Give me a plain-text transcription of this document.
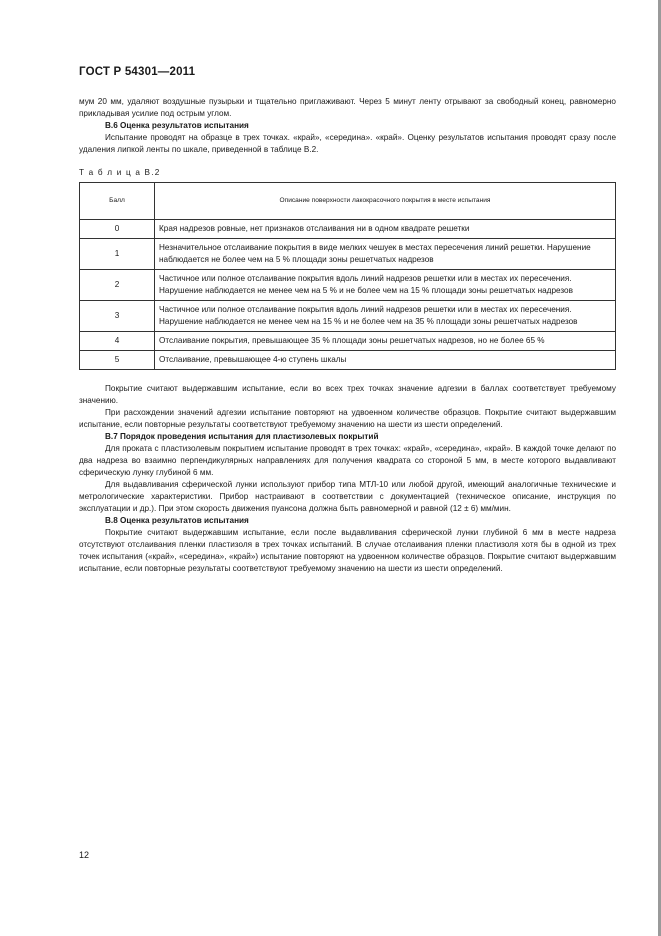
ГОСТ Р 54301—2011

мум 20 мм, удаляют воздушные пузырьки и тщательно приглаживают. Через 5 минут ленту отрывают за свободный конец, равномерно прикладывая усилие под острым углом.

В.6 Оценка результатов испытания

Испытание проводят на образце в трех точках. «край», «середина». «край». Оценку результатов испытания проводят сразу после удаления липкой ленты по шкале, приведенной в таблице В.2.

Т а б л и ц а В.2
Балл	Описание поверхности лакокрасочного покрытия в месте испытания
0	Края надрезов ровные, нет признаков отслаивания ни в одном квадрате решетки
1	Незначительное отслаивание покрытия в виде мелких чешуек в местах пересечения линий решетки. Нарушение наблюдается не более чем на 5 % площади зоны решетчатых надрезов
2	Частичное или полное отслаивание покрытия вдоль линий надрезов решетки или в местах их пересечения. Нарушение наблюдается не менее чем на 5 % и не более чем на 15 % площади зоны решетчатых надрезов
3	Частичное или полное отслаивание покрытия вдоль линий надрезов решетки или в местах их пересечения. Нарушение наблюдается не менее чем на 15 % и не более чем на 35 % площади зоны решетчатых надрезов
4	Отслаивание покрытия, превышающее 35 % площади зоны решетчатых надрезов, но не более 65 %
5	Отслаивание, превышающее 4-ю ступень шкалы

Покрытие считают выдержавшим испытание, если во всех трех точках значение адгезии в баллах соответствует требуемому значению.

При расхождении значений адгезии испытание повторяют на удвоенном количестве образцов. Покрытие считают выдержавшим испытание, если повторные результаты соответствуют требуемому значению на шести из шести определений.

В.7 Порядок проведения испытания для пластизолевых покрытий

Для проката с пластизолевым покрытием испытание проводят в трех точках: «край», «середина», «край». В каждой точке делают по два надреза во взаимно перпендикулярных направлениях для получения квадрата со стороной 5 мм, в месте которого выдавливают сферическую лунку глубиной 6 мм.

Для выдавливания сферической лунки используют прибор типа МТЛ-10 или любой другой, имеющий аналогичные технические и метрологические характеристики. Прибор настраивают в соответствии с документацией (техническое описание, инструкция по эксплуатации и др.). При этом скорость движения пуансона должна быть равномерной и равной (12 ± 6) мм/мин.

В.8 Оценка результатов испытания

Покрытие считают выдержавшим испытание, если после выдавливания сферической лунки глубиной 6 мм в месте надреза отсутствуют отслаивания пленки пластизоля в трех точках испытаний. В случае отслаивания пленки пластизоля хотя бы в одной из трех точек испытания («край», «середина», «край») испытание повторяют на удвоенном количестве образцов. Покрытие считают выдержавшим испытание, если повторные результаты соответствуют требуемому значению на шести из шести определений.

12
